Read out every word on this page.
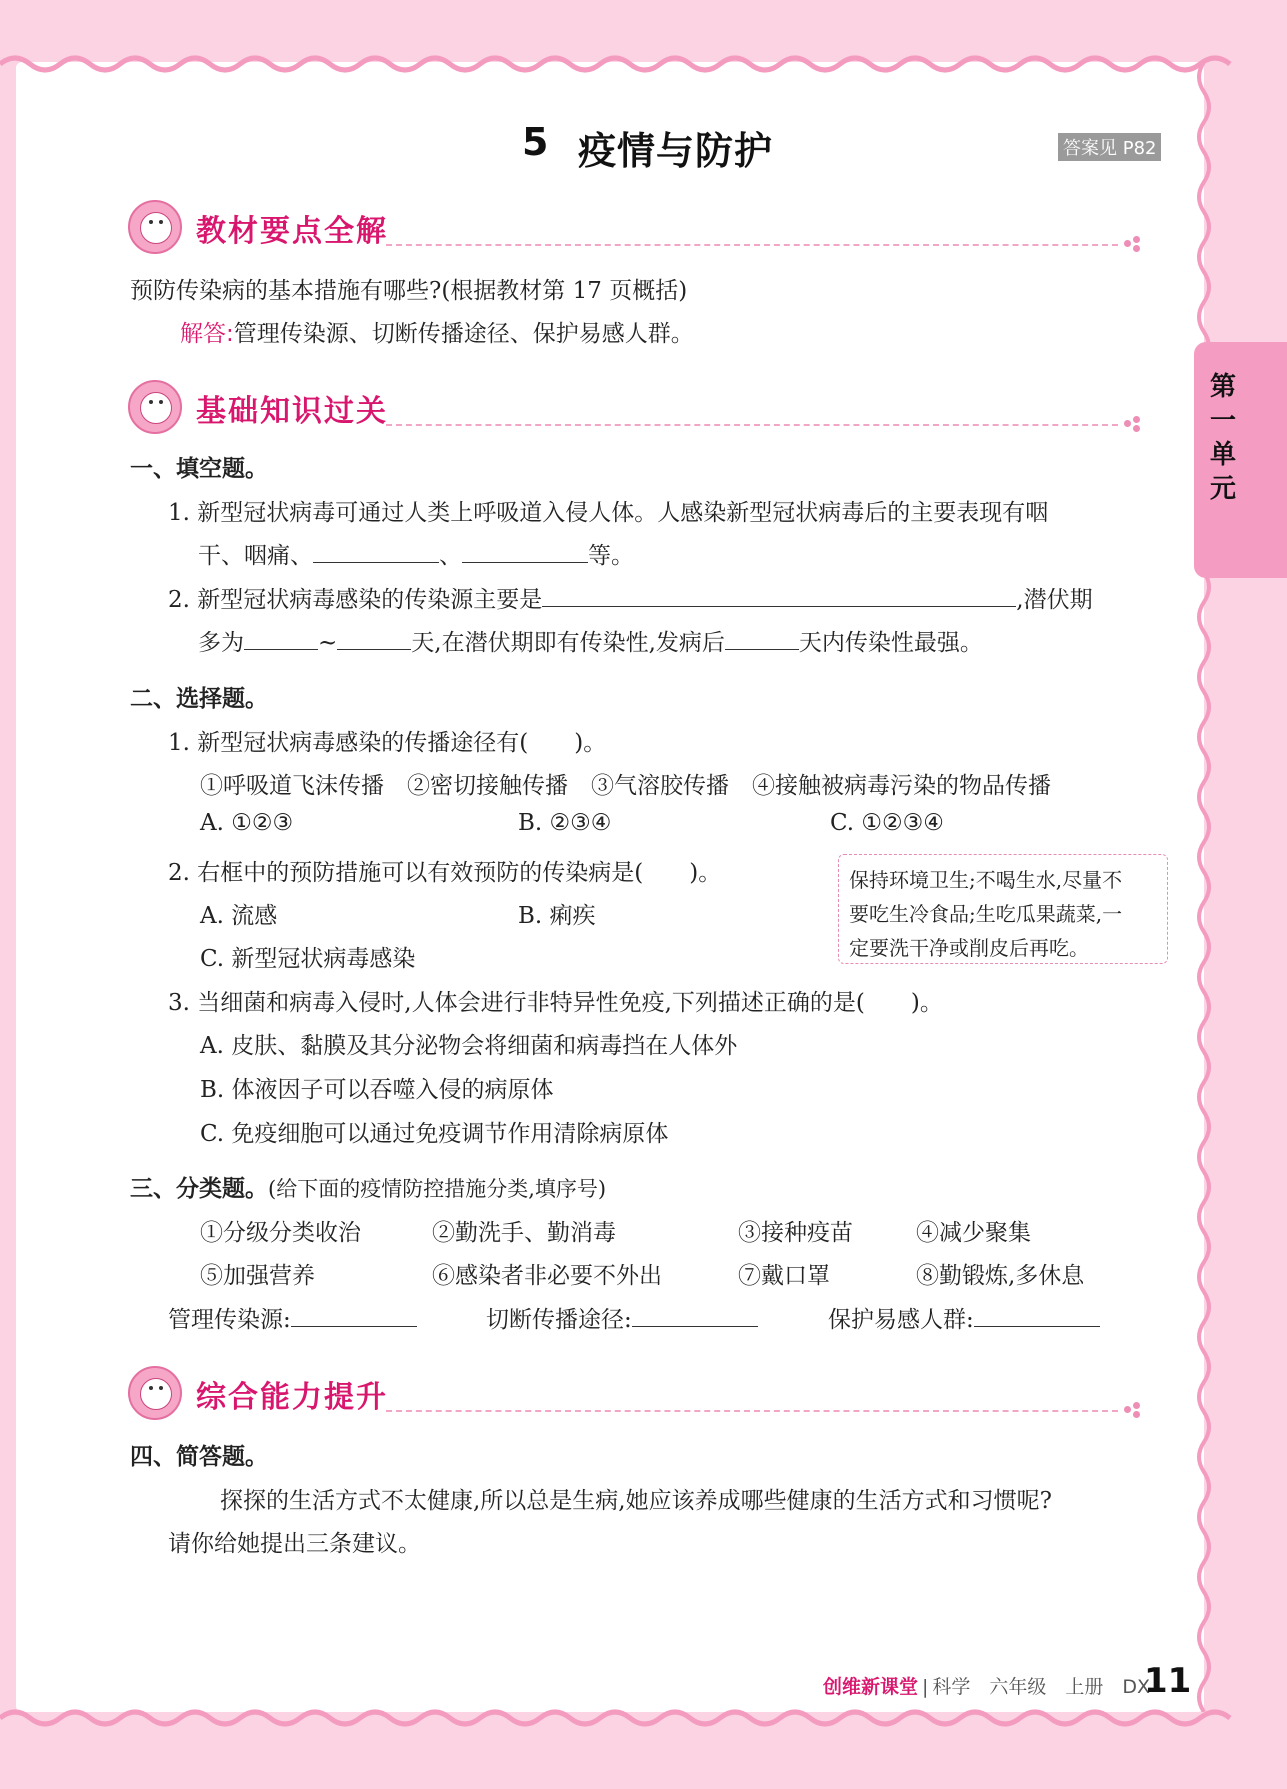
第一单元
5 疫情与防护	答案见 P82
教材要点全解
预防传染病的基本措施有哪些?(根据教材第 17 页概括)
解答:管理传染源、切断传播途径、保护易感人群。
基础知识过关
一、填空题。
1. 新型冠状病毒可通过人类上呼吸道入侵人体。人感染新型冠状病毒后的主要表现有咽
干、咽痛、	、	等。
2. 新型冠状病毒感染的传染源主要是	,潜伏期
多为	~	天,在潜伏期即有传染性,发病后	天内传染性最强。
二、选择题。
1. 新型冠状病毒感染的传播途径有(　　)。
①呼吸道飞沫传播　②密切接触传播　③气溶胶传播　④接触被病毒污染的物品传播
A. ①②③	B. ②③④	C. ①②③④
2. 右框中的预防措施可以有效预防的传染病是(　　)。
A. 流感	B. 痢疾
C. 新型冠状病毒感染
保持环境卫生;不喝生水,尽量不
要吃生冷食品;生吃瓜果蔬菜,一
定要洗干净或削皮后再吃。
3. 当细菌和病毒入侵时,人体会进行非特异性免疫,下列描述正确的是(　　)。
A. 皮肤、黏膜及其分泌物会将细菌和病毒挡在人体外
B. 体液因子可以吞噬入侵的病原体
C. 免疫细胞可以通过免疫调节作用清除病原体
三、分类题。(给下面的疫情防控措施分类,填序号)
①分级分类收治	②勤洗手、勤消毒	③接种疫苗	④减少聚集
⑤加强营养	⑥感染者非必要不外出	⑦戴口罩	⑧勤锻炼,多休息
管理传染源:	切断传播途径:	保护易感人群:
综合能力提升
四、简答题。
探探的生活方式不太健康,所以总是生病,她应该养成哪些健康的生活方式和习惯呢?
请你给她提出三条建议。
创维新课堂 | 科学　六年级　上册　DX
11
